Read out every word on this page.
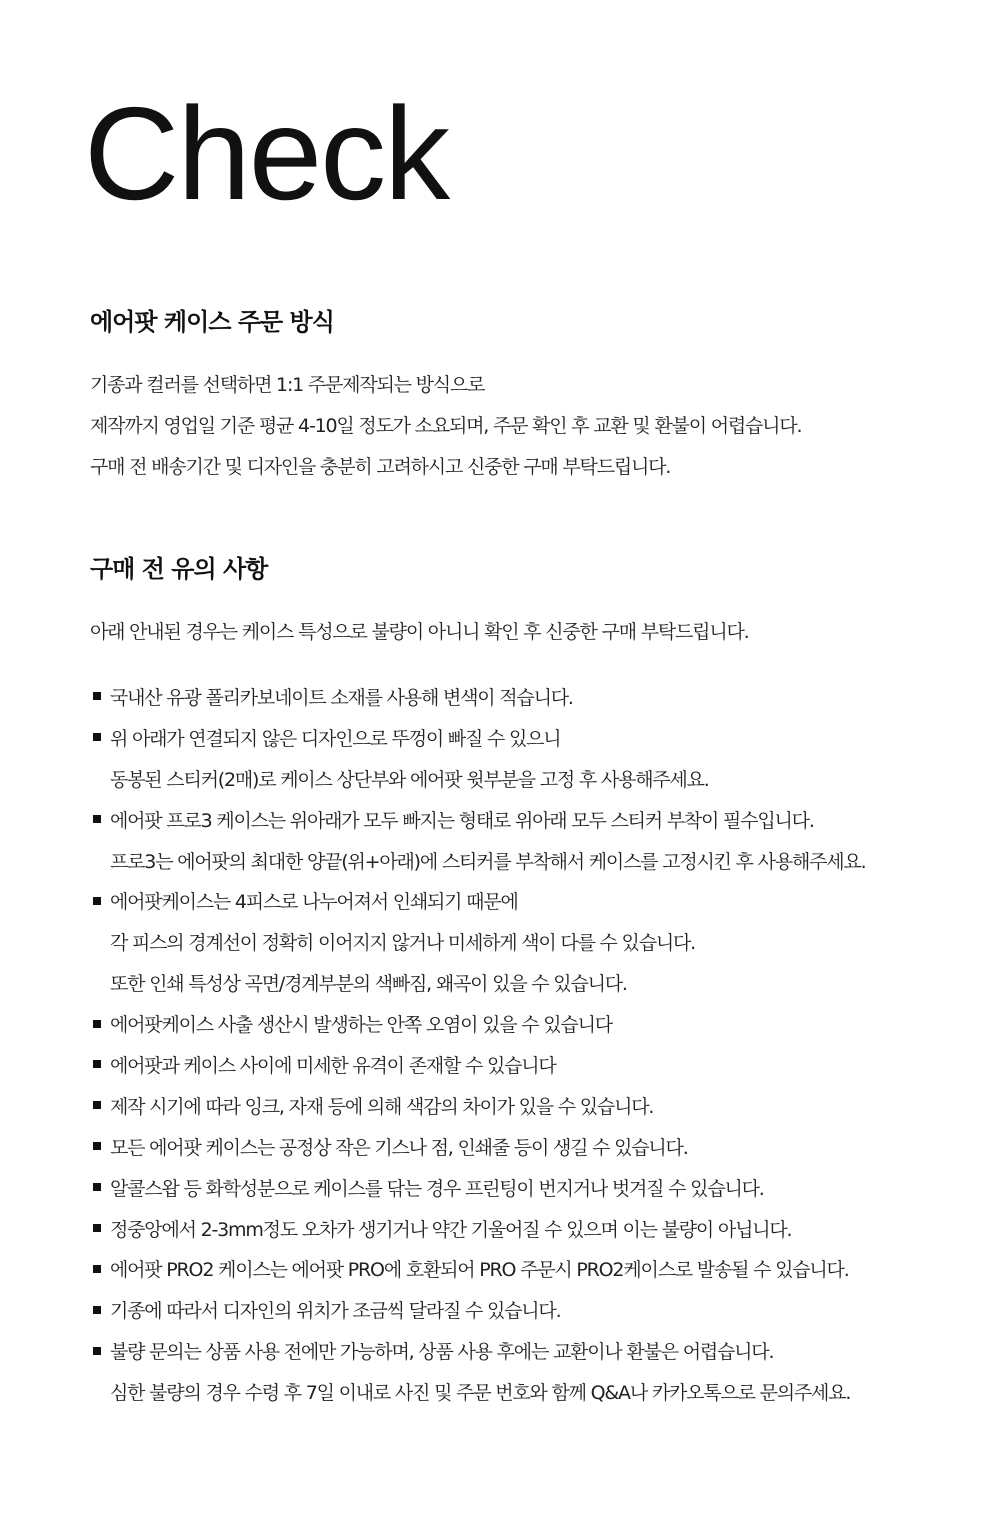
Check
에어팟 케이스 주문 방식

기종과 컬러를 선택하면 1:1 주문제작되는 방식으로

제작까지 영업일 기준 평균 4-10일 정도가 소요되며, 주문 확인 후 교환 및 환불이 어렵습니다.

구매 전 배송기간 및 디자인을 충분히 고려하시고 신중한 구매 부탁드립니다.

구매 전 유의 사항

아래 안내된 경우는 케이스 특성으로 불량이 아니니 확인 후 신중한 구매 부탁드립니다.

국내산 유광 폴리카보네이트 소재를 사용해 변색이 적습니다.
위 아래가 연결되지 않은 디자인으로 뚜껑이 빠질 수 있으니
동봉된 스티커(2매)로 케이스 상단부와 에어팟 윗부분을 고정 후 사용해주세요.
에어팟 프로3 케이스는 위아래가 모두 빠지는 형태로 위아래 모두 스티커 부착이 필수입니다.
프로3는 에어팟의 최대한 양끝(위+아래)에 스티커를 부착해서 케이스를 고정시킨 후 사용해주세요.
에어팟케이스는 4피스로 나누어져서 인쇄되기 때문에
각 피스의 경계선이 정확히 이어지지 않거나 미세하게 색이 다를 수 있습니다.
또한 인쇄 특성상 곡면/경계부분의 색빠짐, 왜곡이 있을 수 있습니다.
에어팟케이스 사출 생산시 발생하는 안쪽 오염이 있을 수 있습니다
에어팟과 케이스 사이에 미세한 유격이 존재할 수 있습니다
제작 시기에 따라 잉크, 자재 등에 의해 색감의 차이가 있을 수 있습니다.
모든 에어팟 케이스는 공정상 작은 기스나 점, 인쇄줄 등이 생길 수 있습니다.
알콜스왑 등 화학성분으로 케이스를 닦는 경우 프린팅이 번지거나 벗겨질 수 있습니다.
정중앙에서 2-3mm정도 오차가 생기거나 약간 기울어질 수 있으며 이는 불량이 아닙니다.
에어팟 PRO2 케이스는 에어팟 PRO에 호환되어 PRO 주문시 PRO2케이스로 발송될 수 있습니다.
기종에 따라서 디자인의 위치가 조금씩 달라질 수 있습니다.
불량 문의는 상품 사용 전에만 가능하며, 상품 사용 후에는 교환이나 환불은 어렵습니다.
심한 불량의 경우 수령 후 7일 이내로 사진 및 주문 번호와 함께 Q&A나 카카오톡으로 문의주세요.
